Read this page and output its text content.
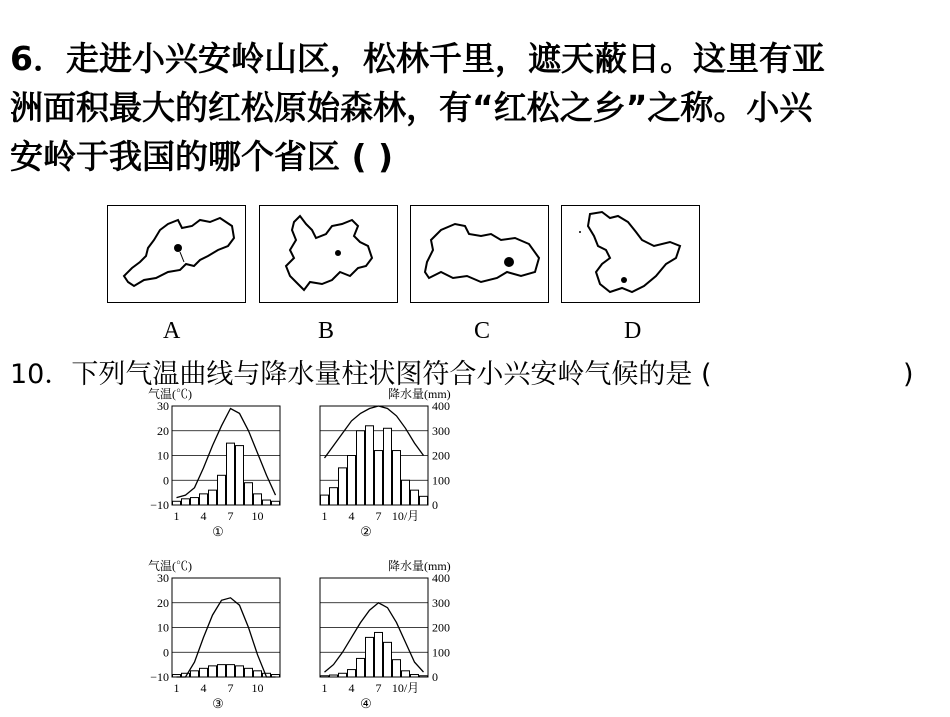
6．走进小兴安岭山区，松林千里，遮天蔽日。这里有亚
洲面积最大的红松原始森林，有“红松之乡”之称。小兴
安岭于我国的哪个省区 ( )
A	B	C	D
10．下列气温曲线与降水量柱状图符合小兴安岭气候的是 (	)
30
20
10
0
−10
气温(℃)
1 4 7 10
①
400
300
200
100
0
降水量(mm)
1 4 7 10/月
②
30
20
10
0
−10
气温(℃)
1 4 7 10
③
400
300
200
100
0
降水量(mm)
1 4 7 10/月
④
